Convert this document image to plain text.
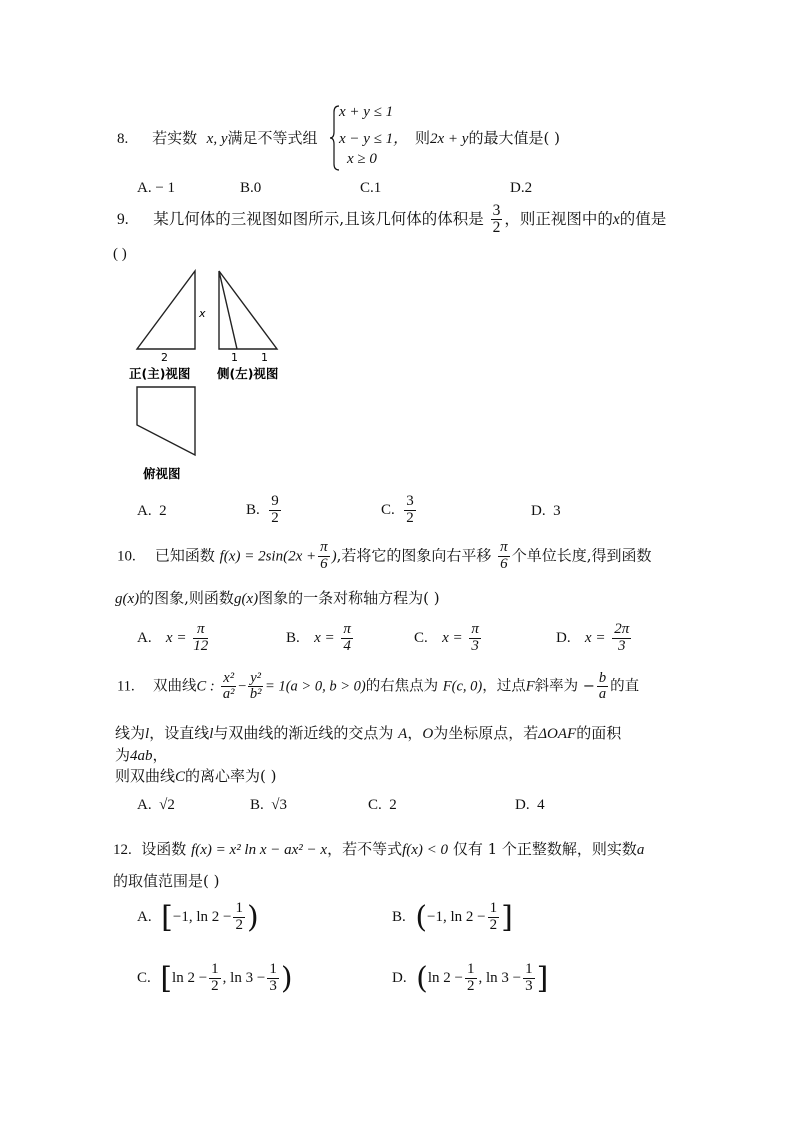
8. 若实数 x, y满足不等式组
x + y ≤ 1
x − y ≤ 1，
x ≥ 0
则2x + y的最大值是( )
A. − 1	B.0	C.1	D.2
9. 某几何体的三视图如图所示,且该几何体的体积是 $\frac{3}{2}$ ，则正视图中的x的值是
( )
x
2
正(主)视图
1 1
侧(左)视图
俯视图
A. 2	B. $\frac{9}{2}$	C. $\frac{3}{2}$	D. 3
10. 已知函数 $f(x) = 2\sin(2x + \frac{\pi}{6}$ ),若将它的图象向右平移 $\frac{\pi}{6}$ 个单位长度,得到函数
g(x)的图象,则函数g(x)图象的一条对称轴方程为( )
A. $x = \frac{\pi}{12}$	B. $x = \frac{\pi}{4}$	C. $x = \frac{\pi}{3}$	D. $x = \frac{2\pi}{3}$
11. 双曲线C : $\frac{\text{x²}}{\text{a²}} - \frac{\text{y²}}{\text{b²}} = 1(a > 0$, b > 0)的右焦点为 F(c, 0)，过点F斜率为 − $\frac{b}{a}$ 的直
线为l，设直线l与双曲线的渐近线的交点为 A，O为坐标原点，若ΔOAF的面积
为4ab，
则双曲线C的离心率为( )
A. √2	B. √3	C. 2	D. 4
12. 设函数 f(x) = x² ln x − ax² − x，若不等式f(x) < 0 仅有 1 个正整数解，则实数a
的取值范围是( )
A. [−1, $\ln 2 - \frac{1}{2}$ )	B. (−1, $\ln 2 - \frac{1}{2}$ ]
C. [ln $2 - \frac{1}{2}$ , $\ln 3 - \frac{1}{3}$ )	D. (ln $2 - \frac{1}{2}$ , $\ln 3 - \frac{1}{3}$ ]
